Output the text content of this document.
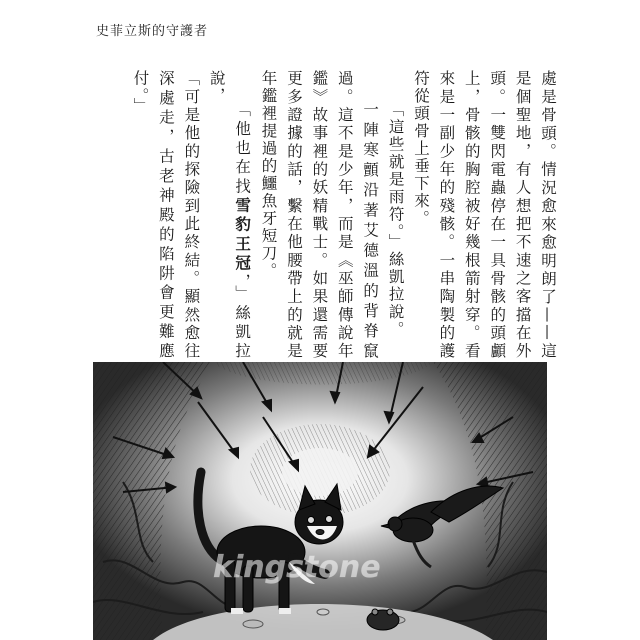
史菲立斯的守護者

處是骨頭。情況愈來愈明朗了——這是個聖地，有人想把不速之客擋在外頭。一雙閃電蟲停在一具骨骸的頭顱上，骨骸的胸腔被好幾根箭射穿。看來是一副少年的殘骸。一串陶製的護符從頭骨上垂下來。

「這些就是雨符。」絲凱拉說。

一陣寒顫沿著艾德溫的背脊竄過。這不是少年，而是《巫師傳說年鑑》故事裡的妖精戰士。如果還需要更多證據的話，繫在他腰帶上的就是年鑑裡提過的鱷魚牙短刀。

「他也在找雪豹王冠，」絲凱拉說，

「可是他的探險到此終結。顯然愈往深處走，古老神殿的陷阱會更難應付。」

kingstone
